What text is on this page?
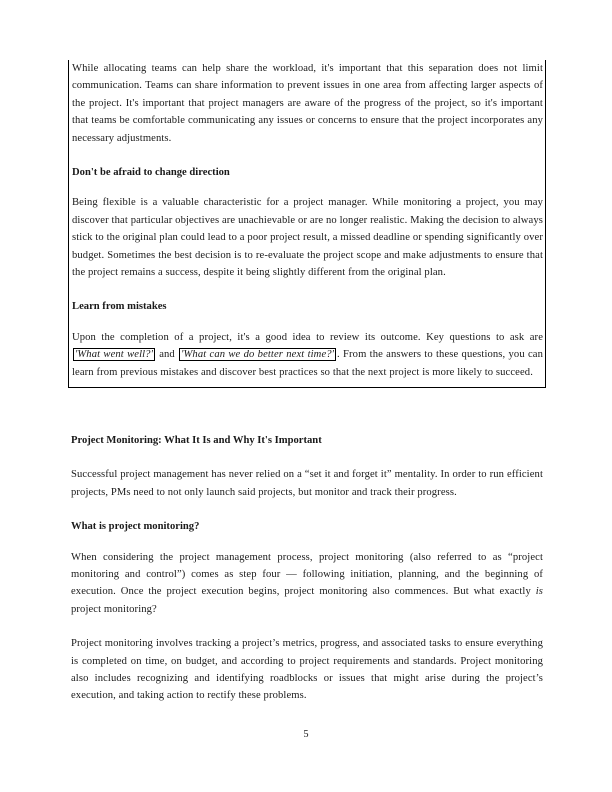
While allocating teams can help share the workload, it's important that this separation does not limit communication. Teams can share information to prevent issues in one area from affecting larger aspects of the project. It's important that project managers are aware of the progress of the project, so it's important that teams be comfortable communicating any issues or concerns to ensure that the project incorporates any necessary adjustments.

Don't be afraid to change direction

Being flexible is a valuable characteristic for a project manager. While monitoring a project, you may discover that particular objectives are unachievable or are no longer realistic. Making the decision to always stick to the original plan could lead to a poor project result, a missed deadline or spending significantly over budget. Sometimes the best decision is to re-evaluate the project scope and make adjustments to ensure that the project remains a success, despite it being slightly different from the original plan.

Learn from mistakes

Upon the completion of a project, it's a good idea to review its outcome. Key questions to ask are 'What went well?' and 'What can we do better next time?' . From the answers to these questions, you can learn from previous mistakes and discover best practices so that the next project is more likely to succeed.

Project Monitoring: What It Is and Why It's Important

Successful project management has never relied on a “set it and forget it” mentality. In order to run efficient projects, PMs need to not only launch said projects, but monitor and track their progress.

What is project monitoring?

When considering the project management process, project monitoring (also referred to as “project monitoring and control”) comes as step four — following initiation, planning, and the beginning of execution. Once the project execution begins, project monitoring also commences. But what exactly is project monitoring?

Project monitoring involves tracking a project’s metrics, progress, and associated tasks to ensure everything is completed on time, on budget, and according to project requirements and standards. Project monitoring also includes recognizing and identifying roadblocks or issues that might arise during the project’s execution, and taking action to rectify these problems.

5
